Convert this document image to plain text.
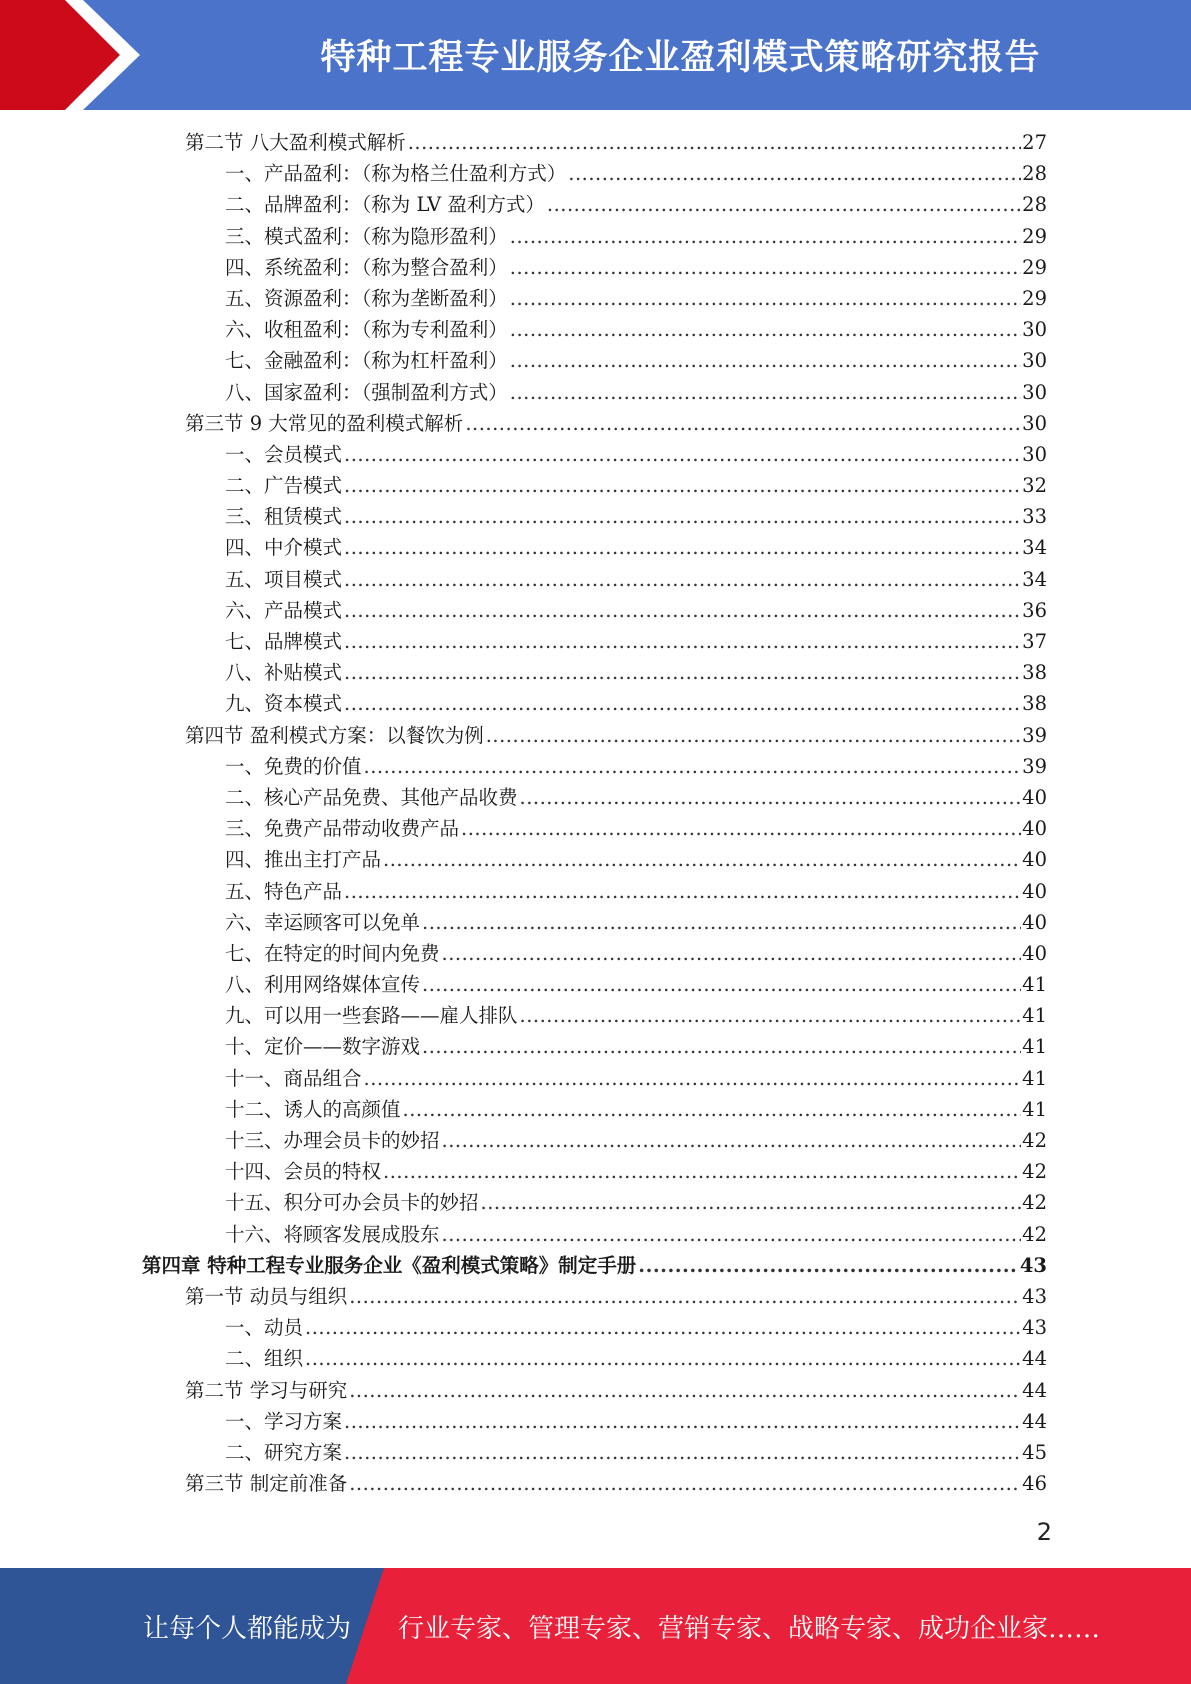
特种工程专业服务企业盈利模式策略研究报告
第二节 八大盈利模式解析 .....	27
一、产品盈利：（称为格兰仕盈利方式） .....	28
二、品牌盈利：（称为 LV 盈利方式） .....	28
三、模式盈利：（称为隐形盈利） .....	29
四、系统盈利：（称为整合盈利） .....	29
五、资源盈利：（称为垄断盈利） .....	29
六、收租盈利：（称为专利盈利） .....	30
七、金融盈利：（称为杠杆盈利） .....	30
八、国家盈利：（强制盈利方式） .....	30
第三节 9 大常见的盈利模式解析 .....	30
一、会员模式 .....	30
二、广告模式 .....	32
三、租赁模式 .....	33
四、中介模式 .....	34
五、项目模式 .....	34
六、产品模式 .....	36
七、品牌模式 .....	37
八、补贴模式 .....	38
九、资本模式 .....	38
第四节 盈利模式方案：以餐饮为例 .....	39
一、免费的价值 .....	39
二、核心产品免费、其他产品收费 .....	40
三、免费产品带动收费产品 .....	40
四、推出主打产品 .....	40
五、特色产品 .....	40
六、幸运顾客可以免单 .....	40
七、在特定的时间内免费 .....	40
八、利用网络媒体宣传 .....	41
九、可以用一些套路——雇人排队 .....	41
十、定价——数字游戏 .....	41
十一、商品组合 .....	41
十二、诱人的高颜值 .....	41
十三、办理会员卡的妙招 .....	42
十四、会员的特权 .....	42
十五、积分可办会员卡的妙招 .....	42
十六、将顾客发展成股东 .....	42
第四章 特种工程专业服务企业《盈利模式策略》制定手册 .....	43
第一节 动员与组织 .....	43
一、动员 .....	43
二、组织 .....	44
第二节 学习与研究 .....	44
一、学习方案 .....	44
二、研究方案 .....	45
第三节 制定前准备 .....	46
2
让每个人都能成为 行业专家、管理专家、营销专家、战略专家、成功企业家……
